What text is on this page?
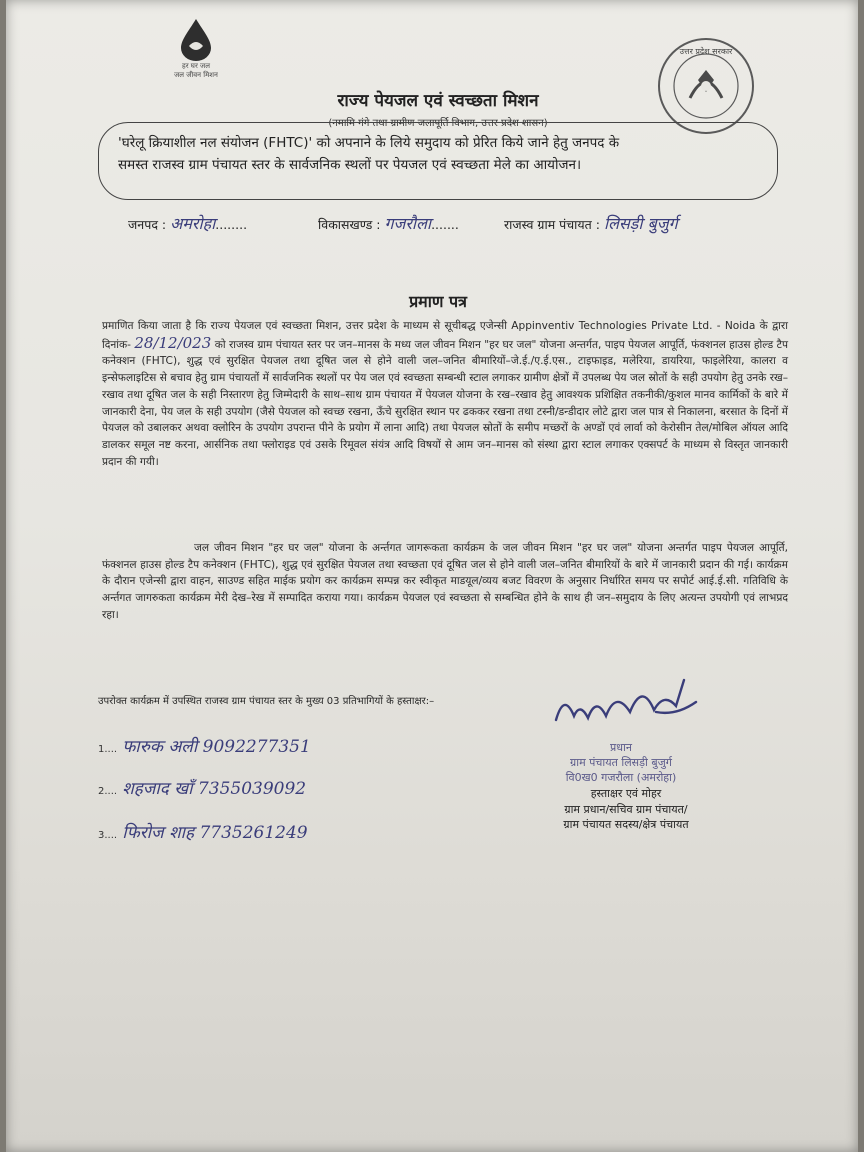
हर घर जल
जल जीवन मिशन
उत्तर प्रदेश सरकार
राज्य पेयजल एवं स्वच्छता मिशन
(नमामि गंगे तथा ग्रामीण जलापूर्ति विभाग, उत्तर प्रदेश शासन)
'घरेलू क्रियाशील नल संयोजन (FHTC)' को अपनाने के लिये समुदाय को प्रेरित किये जाने हेतु जनपद के
समस्त राजस्व ग्राम पंचायत स्तर के सार्वजनिक स्थलों पर पेयजल एवं स्वच्छता मेले का आयोजन।
जनपद : अमरोहा........	विकासखण्ड : गजरौला.......	राजस्व ग्राम पंचायत : लिसड़ी बुजुर्ग
प्रमाण पत्र
प्रमाणित किया जाता है कि राज्य पेयजल एवं स्वच्छता मिशन, उत्तर प्रदेश के माध्यम से सूचीबद्ध एजेन्सी Appinventiv Technologies Private Ltd. - Noida के द्वारा दिनांक- 28/12/023 को राजस्व ग्राम पंचायत स्तर पर जन–मानस के मध्य जल जीवन मिशन "हर घर जल" योजना अन्तर्गत, पाइप पेयजल आपूर्ति, फंक्शनल हाउस होल्ड टैप कनेक्शन (FHTC), शुद्ध एवं सुरक्षित पेयजल तथा दूषित जल से होने वाली जल–जनित बीमारियों–जे.ई./ए.ई.एस., टाइफाइड, मलेरिया, डायरिया, फाइलेरिया, कालरा व इन्सेफलाइटिस से बचाव हेतु ग्राम पंचायतों में सार्वजनिक स्थलों पर पेय जल एवं स्वच्छता सम्बन्धी स्टाल लगाकर ग्रामीण क्षेत्रों में उपलब्ध पेय जल स्रोतों के सही उपयोग हेतु उनके रख–रखाव तथा दूषित जल के सही निस्तारण हेतु जिम्मेदारी के साथ–साथ ग्राम पंचायत में पेयजल योजना के रख–रखाव हेतु आवश्यक प्रशिक्षित तकनीकी/कुशल मानव कार्मिकों के बारे में जानकारी देना, पेय जल के सही उपयोग (जैसे पेयजल को स्वच्छ रखना, ऊँचे सुरक्षित स्थान पर ढककर रखना तथा टस्नी/डन्डीदार लोटे द्वारा जल पात्र से निकालना, बरसात के दिनों में पेयजल को उबालकर अथवा क्लोरिन के उपयोग उपरान्त पीने के प्रयोग में लाना आदि) तथा पेयजल स्रोतों के समीप मच्छरों के अण्डों एवं लार्वा को केरोसीन तेल/मोबिल ऑयल आदि डालकर समूल नष्ट करना, आर्सनिक तथा फ्लोराइड एवं उसके रिमूवल संयंत्र आदि विषयों से आम जन–मानस को संस्था द्वारा स्टाल लगाकर एक्सपर्ट के माध्यम से विस्तृत जानकारी प्रदान की गयी।
जल जीवन मिशन "हर घर जल" योजना के अर्न्तगत जागरूकता कार्यक्रम के जल जीवन मिशन "हर घर जल" योजना अन्तर्गत पाइप पेयजल आपूर्ति, फंक्शनल हाउस होल्ड टैप कनेक्शन (FHTC), शुद्ध एवं सुरक्षित पेयजल तथा स्वच्छता एवं दूषित जल से होने वाली जल–जनित बीमारियों के बारे में जानकारी प्रदान की गई। कार्यक्रम के दौरान एजेन्सी द्वारा वाहन, साउण्ड सहित माईक प्रयोग कर कार्यक्रम सम्पन्न कर स्वीकृत माडयूल/व्यय बजट विवरण के अनुसार निर्धारित समय पर सपोर्ट आई.ई.सी. गतिविधि के अर्न्तगत जागरुकता कार्यक्रम मेरी देख–रेख में सम्पादित कराया गया। कार्यक्रम पेयजल एवं स्वच्छता से सम्बन्धित होने के साथ ही जन–समुदाय के लिए अत्यन्त उपयोगी एवं लाभप्रद रहा।
उपरोक्त कार्यक्रम में उपस्थित राजस्व ग्राम पंचायत स्तर के मुख्य 03 प्रतिभागियों के हस्ताक्षर:–
1.... फारुक अली 9092277351
2.... शहजाद खाँ 7355039092
3.... फिरोज शाह 7735261249
प्रधान
ग्राम पंचायत लिसड़ी बुजुर्ग
वि0ख0 गजरौला (अमरोहा)
हस्ताक्षर एवं मोहर
ग्राम प्रधान/सचिव ग्राम पंचायत/
ग्राम पंचायत सदस्य/क्षेत्र पंचायत
